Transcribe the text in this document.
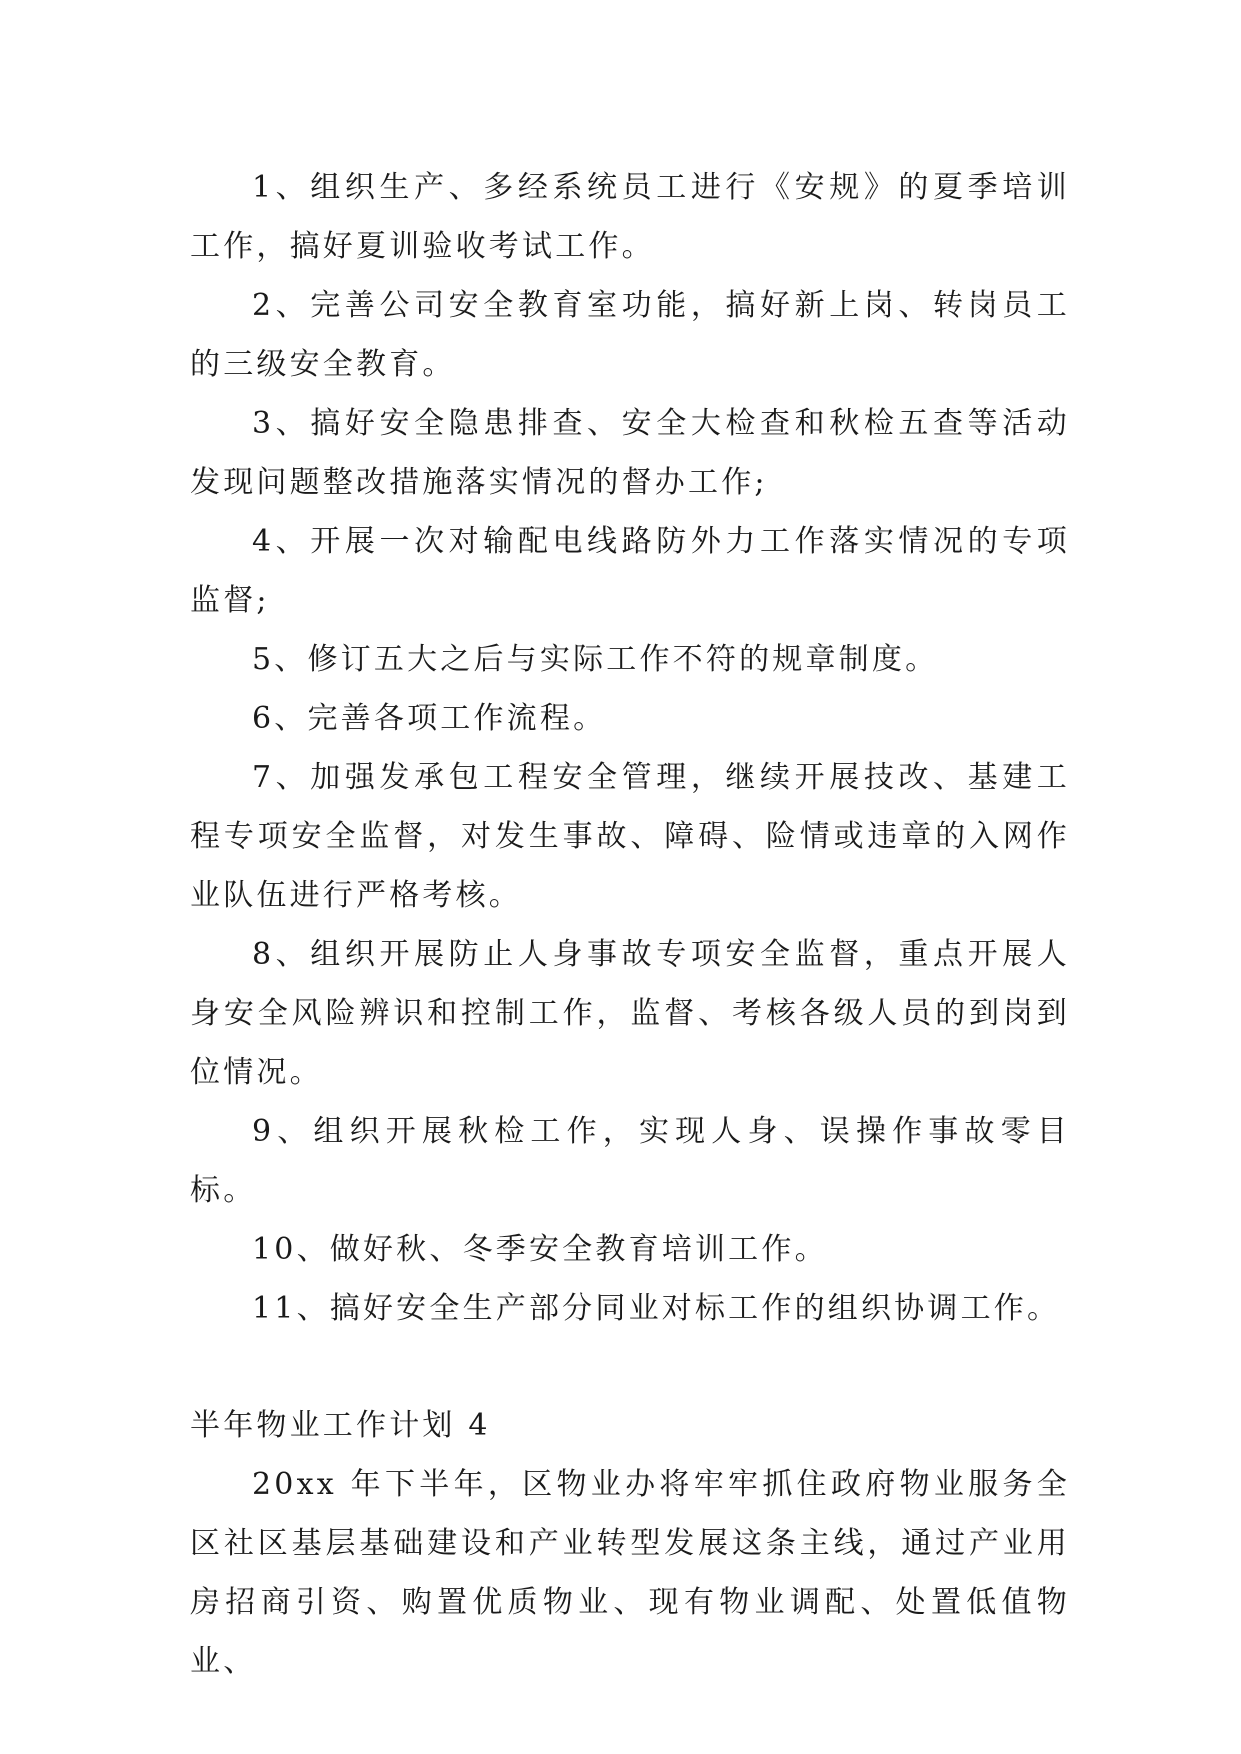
1、组织生产、多经系统员工进行《安规》的夏季培训工作，搞好夏训验收考试工作。

2、完善公司安全教育室功能，搞好新上岗、转岗员工的三级安全教育。

3、搞好安全隐患排查、安全大检查和秋检五查等活动发现问题整改措施落实情况的督办工作;

4、开展一次对输配电线路防外力工作落实情况的专项监督;

5、修订五大之后与实际工作不符的规章制度。

6、完善各项工作流程。

7、加强发承包工程安全管理，继续开展技改、基建工程专项安全监督，对发生事故、障碍、险情或违章的入网作业队伍进行严格考核。

8、组织开展防止人身事故专项安全监督，重点开展人身安全风险辨识和控制工作，监督、考核各级人员的到岗到位情况。

9、组织开展秋检工作，实现人身、误操作事故零目标。

10、做好秋、冬季安全教育培训工作。

11、搞好安全生产部分同业对标工作的组织协调工作。

半年物业工作计划 4

20xx 年下半年，区物业办将牢牢抓住政府物业服务全区社区基层基础建设和产业转型发展这条主线，通过产业用房招商引资、购置优质物业、现有物业调配、处置低值物业、
